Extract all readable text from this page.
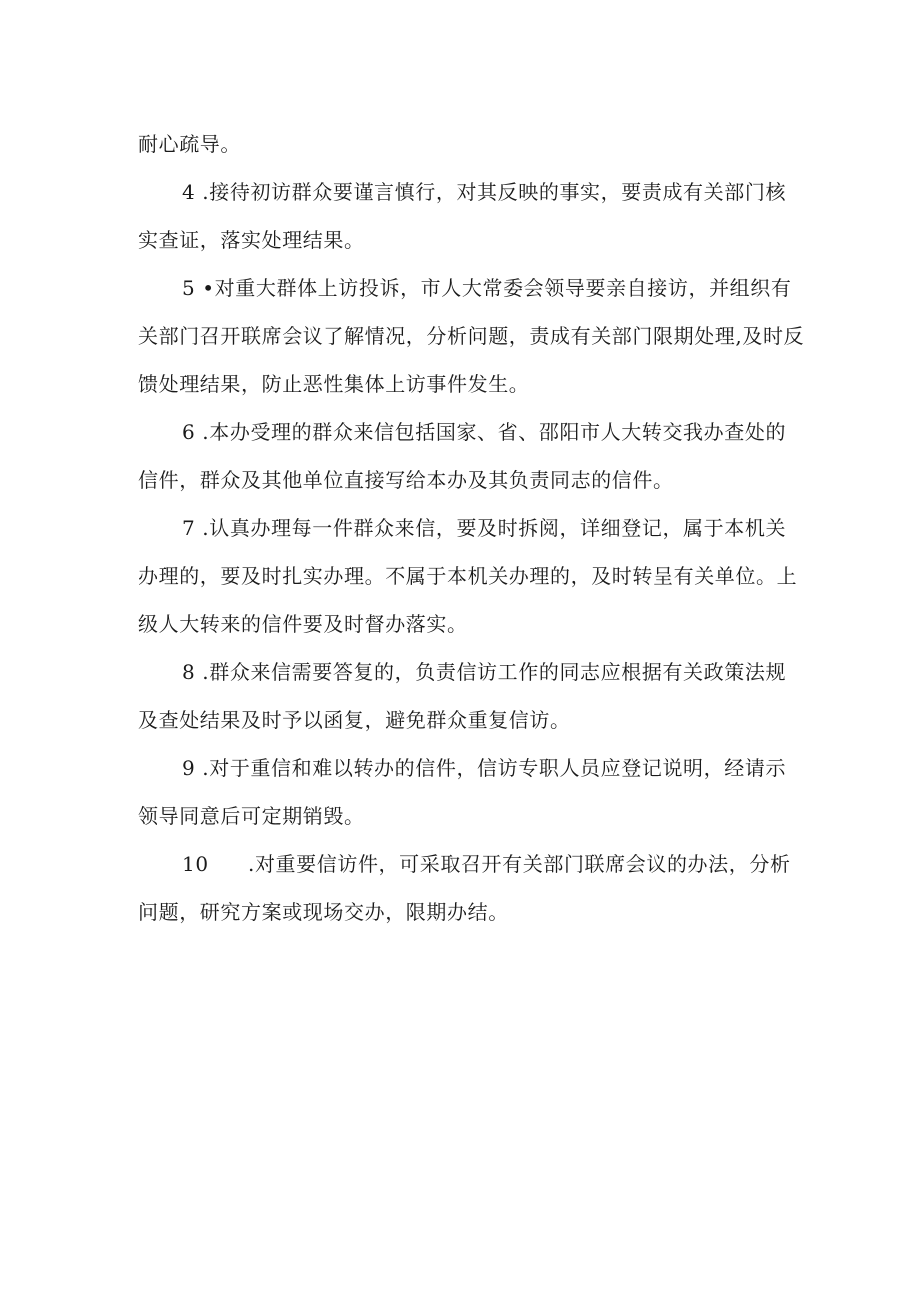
耐心疏导。
4 .接待初访群众要谨言慎行，对其反映的事实，要责成有关部门核
实查证，落实处理结果。
5 •对重大群体上访投诉，市人大常委会领导要亲自接访，并组织有
关部门召开联席会议了解情况，分析问题，责成有关部门限期处理,及时反
馈处理结果，防止恶性集体上访事件发生。
6 .本办受理的群众来信包括国家、省、邵阳市人大转交我办查处的
信件，群众及其他单位直接写给本办及其负责同志的信件。
7 .认真办理每一件群众来信，要及时拆阅，详细登记，属于本机关
办理的，要及时扎实办理。不属于本机关办理的，及时转呈有关单位。上
级人大转来的信件要及时督办落实。
8 .群众来信需要答复的，负责信访工作的同志应根据有关政策法规
及查处结果及时予以函复，避免群众重复信访。
9 .对于重信和难以转办的信件，信访专职人员应登记说明，经请示
领导同意后可定期销毁。
10 .对重要信访件，可采取召开有关部门联席会议的办法，分析
问题，研究方案或现场交办，限期办结。
